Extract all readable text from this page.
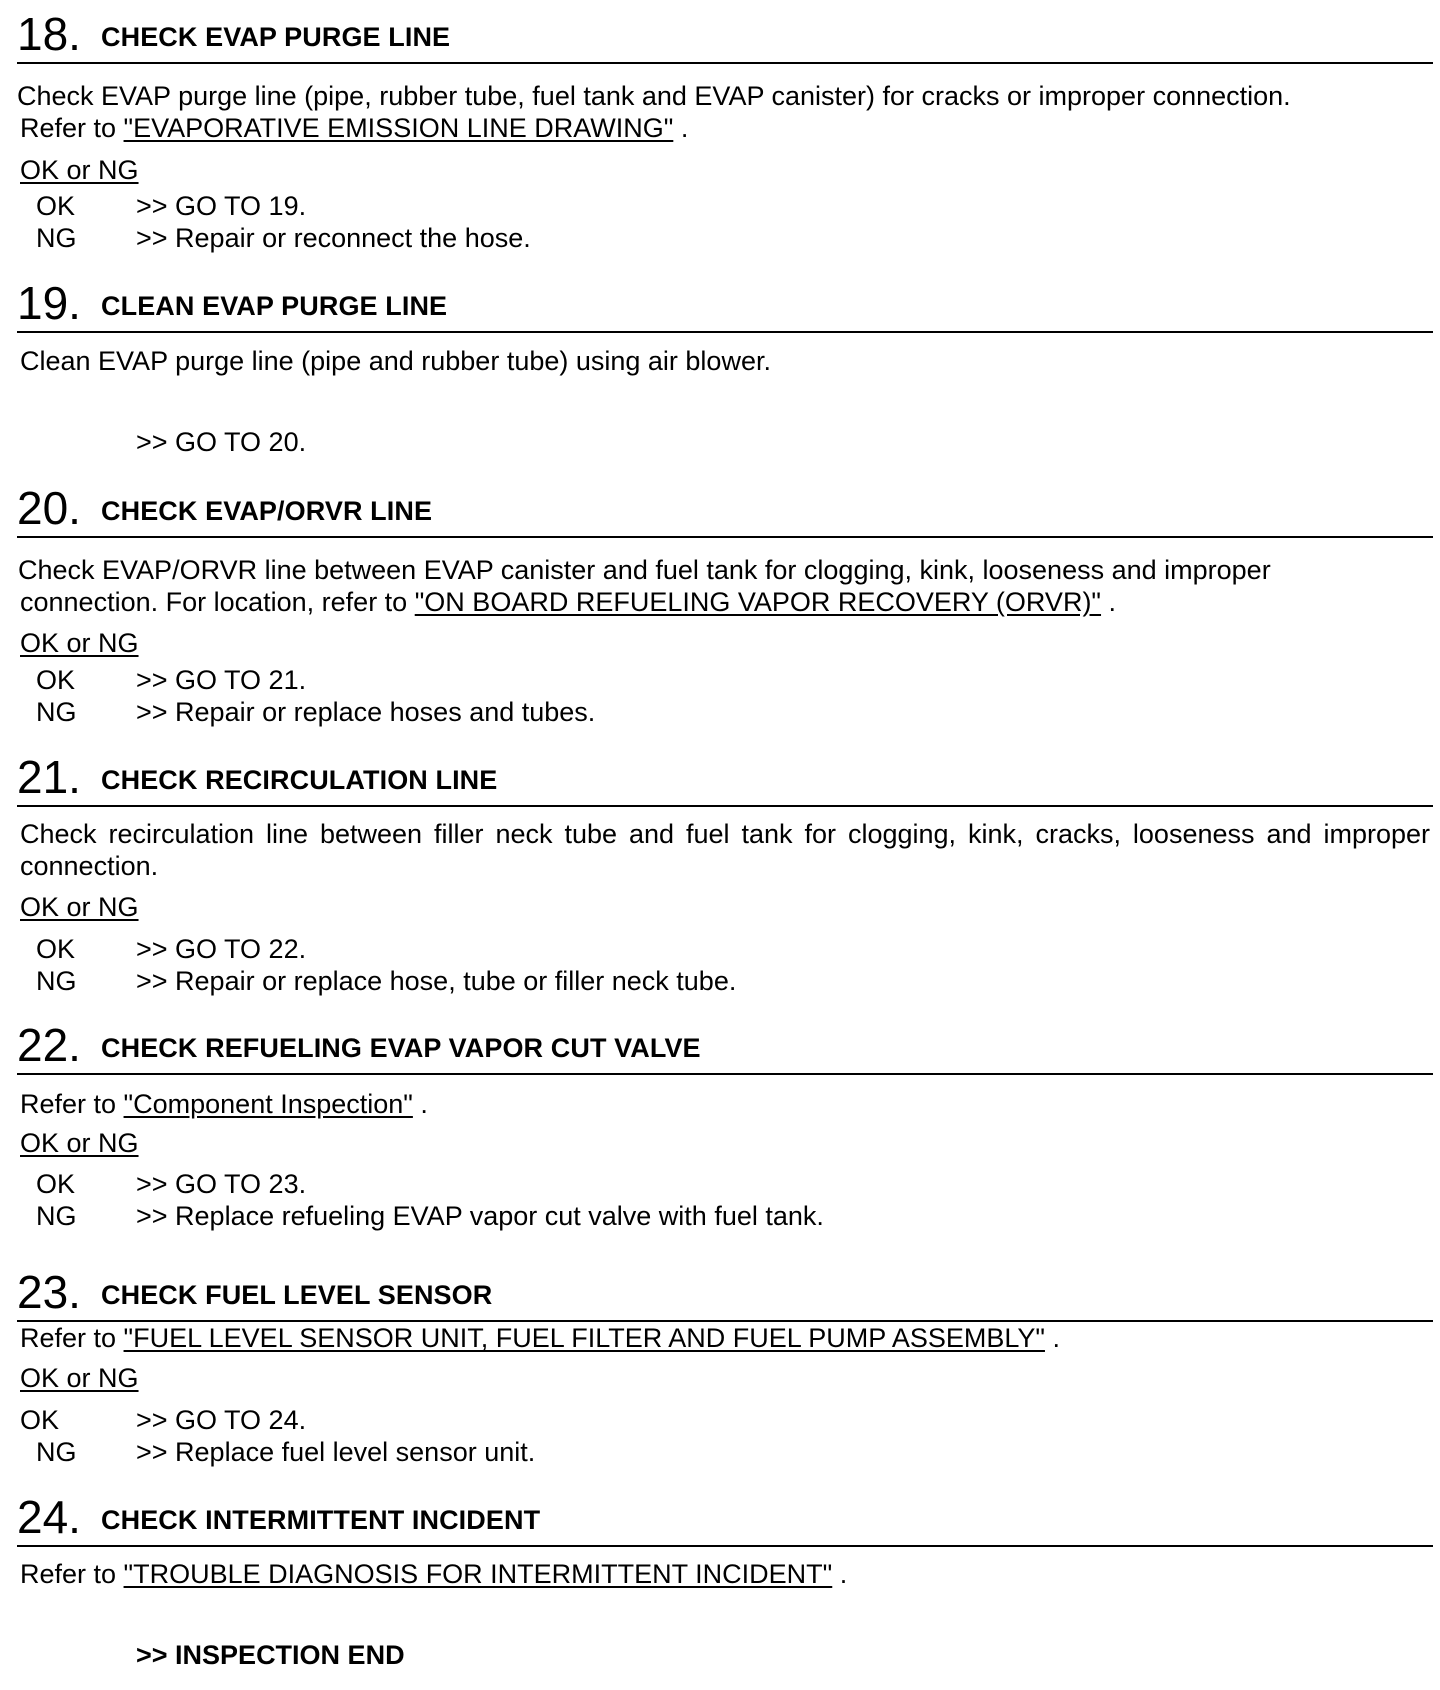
18. CHECK EVAP PURGE LINE
Check EVAP purge line (pipe, rubber tube, fuel tank and EVAP canister) for cracks or improper connection.
Refer to "EVAPORATIVE EMISSION LINE DRAWING" .
OK or NG
OK	>> GO TO 19.
NG	>> Repair or reconnect the hose.
19. CLEAN EVAP PURGE LINE
Clean EVAP purge line (pipe and rubber tube) using air blower.
>> GO TO 20.
20. CHECK EVAP/ORVR LINE
Check EVAP/ORVR line between EVAP canister and fuel tank for clogging, kink, looseness and improper
connection. For location, refer to "ON BOARD REFUELING VAPOR RECOVERY (ORVR)" .
OK or NG
OK	>> GO TO 21.
NG	>> Repair or replace hoses and tubes.
21. CHECK RECIRCULATION LINE
Check recirculation line between filler neck tube and fuel tank for clogging, kink, cracks, looseness and improper connection.
OK or NG
OK	>> GO TO 22.
NG	>> Repair or replace hose, tube or filler neck tube.
22. CHECK REFUELING EVAP VAPOR CUT VALVE
Refer to "Component Inspection" .
OK or NG
OK	>> GO TO 23.
NG	>> Replace refueling EVAP vapor cut valve with fuel tank.
23. CHECK FUEL LEVEL SENSOR
Refer to "FUEL LEVEL SENSOR UNIT, FUEL FILTER AND FUEL PUMP ASSEMBLY" .
OK or NG
OK	>> GO TO 24.
NG	>> Replace fuel level sensor unit.
24. CHECK INTERMITTENT INCIDENT
Refer to "TROUBLE DIAGNOSIS FOR INTERMITTENT INCIDENT" .
>> INSPECTION END
